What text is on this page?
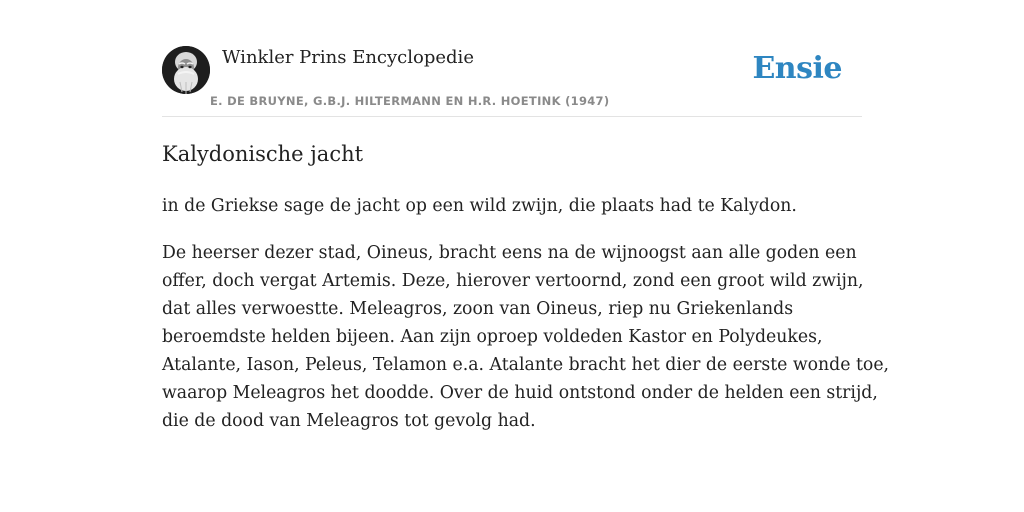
Winkler Prins Encyclopedie
E. DE BRUYNE, G.B.J. HILTERMANN EN H.R. HOETINK (1947)
Ensie
Kalydonische jacht

in de Griekse sage de jacht op een wild zwijn, die plaats had te Kalydon.

De heerser dezer stad, Oineus, bracht eens na de wijnoogst aan alle goden een
offer, doch vergat Artemis. Deze, hierover vertoornd, zond een groot wild zwijn,
dat alles verwoestte. Meleagros, zoon van Oineus, riep nu Griekenlands
beroemdste helden bijeen. Aan zijn oproep voldeden Kastor en Polydeukes,
Atalante, Iason, Peleus, Telamon e.a. Atalante bracht het dier de eerste wonde toe,
waarop Meleagros het doodde. Over de huid ontstond onder de helden een strijd,
die de dood van Meleagros tot gevolg had.
